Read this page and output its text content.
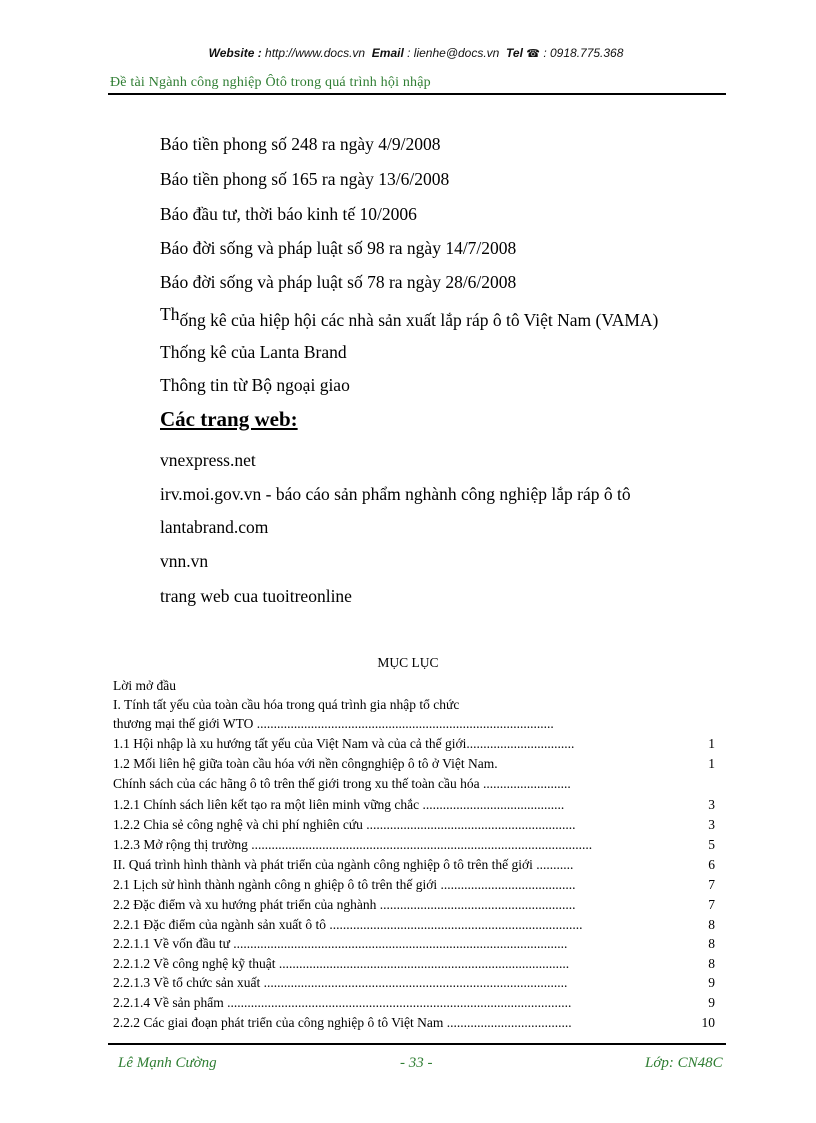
Website : http://www.docs.vn Email : lienhe@docs.vn Tel ☎ : 0918.775.368
Đề tài Ngành công nghiệp Ôtô trong quá trình hội nhập
Báo tiền phong số 248 ra ngày 4/9/2008
Báo tiền phong số 165 ra ngày 13/6/2008
Báo đầu tư, thời báo kinh tế 10/2006
Báo đời sống và pháp luật số 98 ra ngày 14/7/2008
Báo đời sống và pháp luật số 78 ra ngày 28/6/2008
Thống kê của hiệp hội các nhà sản xuất lắp ráp ô tô Việt Nam (VAMA)
Thống kê của Lanta Brand
Thông tin từ Bộ ngoại giao
Các trang web:
vnexpress.net
irv.moi.gov.vn - báo cáo sản phẩm nghành công nghiệp lắp ráp ô tô
lantabrand.com
vnn.vn
trang web cua tuoitreonline
MỤC LỤC
Lời mở đầu
I. Tính tất yếu của toàn cầu hóa trong quá trình gia nhập tổ chức
thương mại thế giới WTO ........................................................................................
1.1 Hội nhập là xu hướng tất yếu của Việt Nam và của cả thế giới................................	1
1.2 Mối liên hệ giữa toàn cầu hóa với nền côngnghiệp ô tô ở Việt Nam.	1
Chính sách của các hãng ô tô trên thế giới trong xu thế toàn cầu hóa ..........................
1.2.1 Chính sách liên kết tạo ra một liên minh vững chắc ..........................................	3
1.2.2 Chia sẻ công nghệ và chi phí nghiên cứu ..............................................................	3
1.2.3 Mở rộng thị trường .....................................................................................................	5
II. Quá trình hình thành và phát triển của ngành công nghiệp ô tô trên thế giới ...........	6
2.1 Lịch sử hình thành ngành công n ghiệp ô tô trên thế giới ........................................	7
2.2 Đặc điểm và xu hướng phát triển của nghành ..........................................................	7
2.2.1 Đặc điểm của ngành sản xuất ô tô ...........................................................................	8
2.2.1.1 Về vốn đầu tư ...................................................................................................	8
2.2.1.2 Về công nghệ kỹ thuật ......................................................................................	8
2.2.1.3 Về tổ chức sản xuất ..........................................................................................	9
2.2.1.4 Về sản phẩm ......................................................................................................	9
2.2.2 Các giai đoạn phát triển của công nghiệp ô tô Việt Nam .....................................	10
Lê Mạnh Cường	- 33 -	Lớp: CN48C
